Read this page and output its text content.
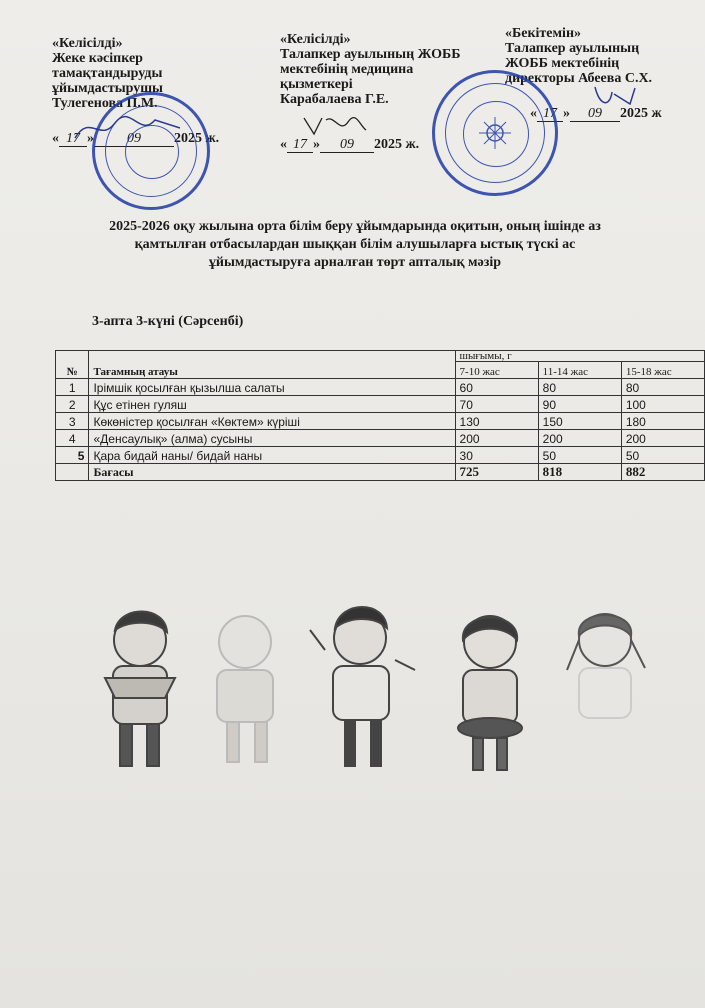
«Келісілді»
Жеке кәсіпкер
тамақтандыруды
ұйымдастырушы
Тулегенова П.М.
« 17 » 09 2025 ж.
«Келісілді»
Талапкер ауылының ЖОББ
мектебінің медицина
қызметкері
Карабалаева Г.Е.
« 17 » 09 2025 ж.
«Бекітемін»
Талапкер ауылының
ЖОББ мектебінің
директоры Абеева С.Х.
« 17 » 09 2025 ж
2025-2026 оқу жылына орта білім беру ұйымдарында оқитын, оның ішінде аз
қамтылған отбасылардан шыққан білім алушыларға ыстық түскі ас
ұйымдастыруға арналған төрт апталық мәзір
3-апта 3-күні (Сәрсенбі)
№	Тағамның атауы	шығымы, г		
		7-10 жас	11-14 жас	15-18 жас
1	Ірімшік қосылған қызылша салаты	60	80	80
2	Құс етінен гуляш	70	90	100
3	Көкөністер қосылған «Көктем» күріші	130	150	180
4	«Денсаулық» (алма) сусыны	200	200	200
5	Қара бидай наны/ бидай наны	30	50	50
	Бағасы	725	818	882
